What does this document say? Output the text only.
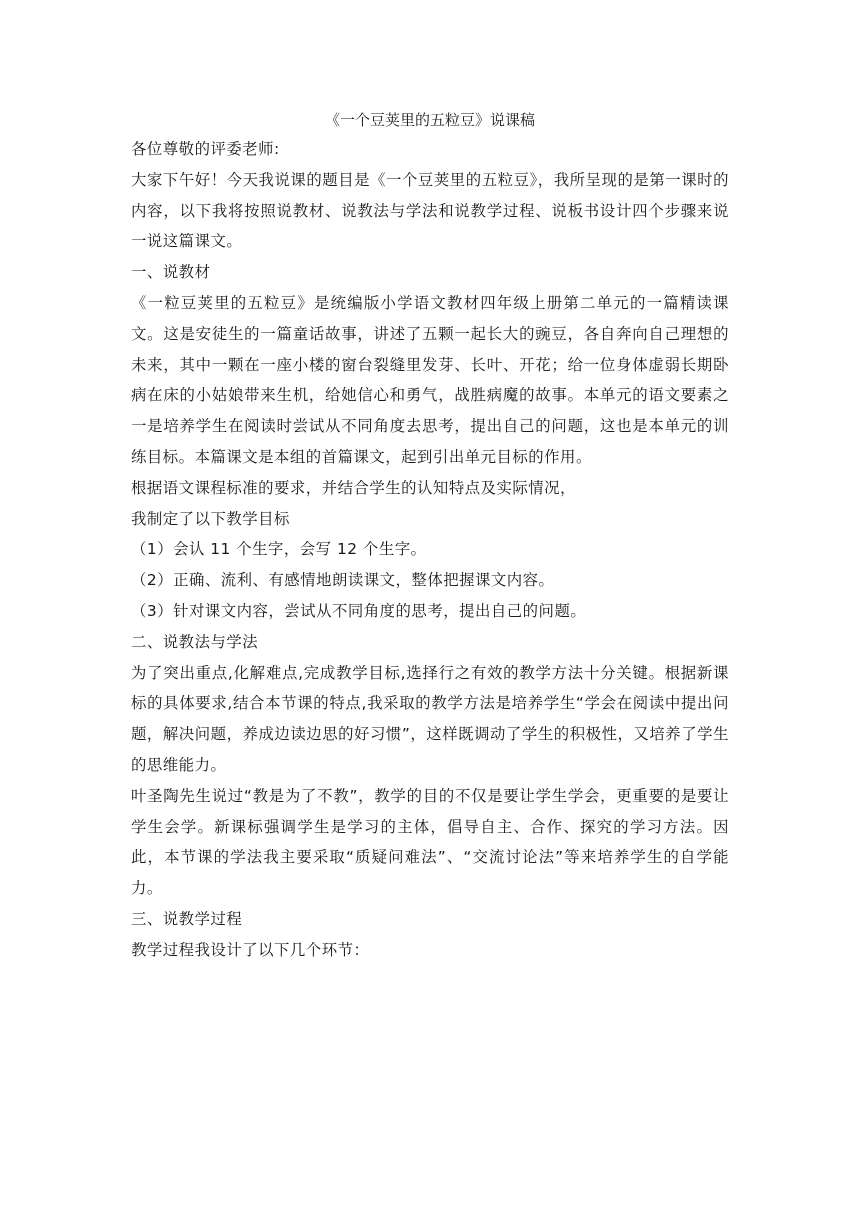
《一个豆荚里的五粒豆》说课稿

各位尊敬的评委老师:

大家下午好！今天我说课的题目是《一个豆荚里的五粒豆》，我所呈现的是第一课时的内容，以下我将按照说教材、说教法与学法和说教学过程、说板书设计四个步骤来说一说这篇课文。

一、说教材

《一粒豆荚里的五粒豆》是统编版小学语文教材四年级上册第二单元的一篇精读课文。这是安徒生的一篇童话故事，讲述了五颗一起长大的豌豆，各自奔向自己理想的未来，其中一颗在一座小楼的窗台裂缝里发芽、长叶、开花；给一位身体虚弱长期卧病在床的小姑娘带来生机，给她信心和勇气，战胜病魔的故事。本单元的语文要素之一是培养学生在阅读时尝试从不同角度去思考，提出自己的问题，这也是本单元的训练目标。本篇课文是本组的首篇课文，起到引出单元目标的作用。

根据语文课程标准的要求，并结合学生的认知特点及实际情况，

我制定了以下教学目标

（1）会认 11 个生字，会写 12 个生字。

（2）正确、流利、有感情地朗读课文，整体把握课文内容。

（3）针对课文内容，尝试从不同角度的思考，提出自己的问题。

二、说教法与学法

为了突出重点,化解难点,完成教学目标,选择行之有效的教学方法十分关键。根据新课标的具体要求,结合本节课的特点,我采取的教学方法是培养学生“学会在阅读中提出问题，解决问题，养成边读边思的好习惯”，这样既调动了学生的积极性，又培养了学生的思维能力。

叶圣陶先生说过“教是为了不教”，教学的目的不仅是要让学生学会，更重要的是要让学生会学。新课标强调学生是学习的主体，倡导自主、合作、探究的学习方法。因此，本节课的学法我主要采取“质疑问难法”、“交流讨论法”等来培养学生的自学能力。

三、说教学过程

教学过程我设计了以下几个环节：
